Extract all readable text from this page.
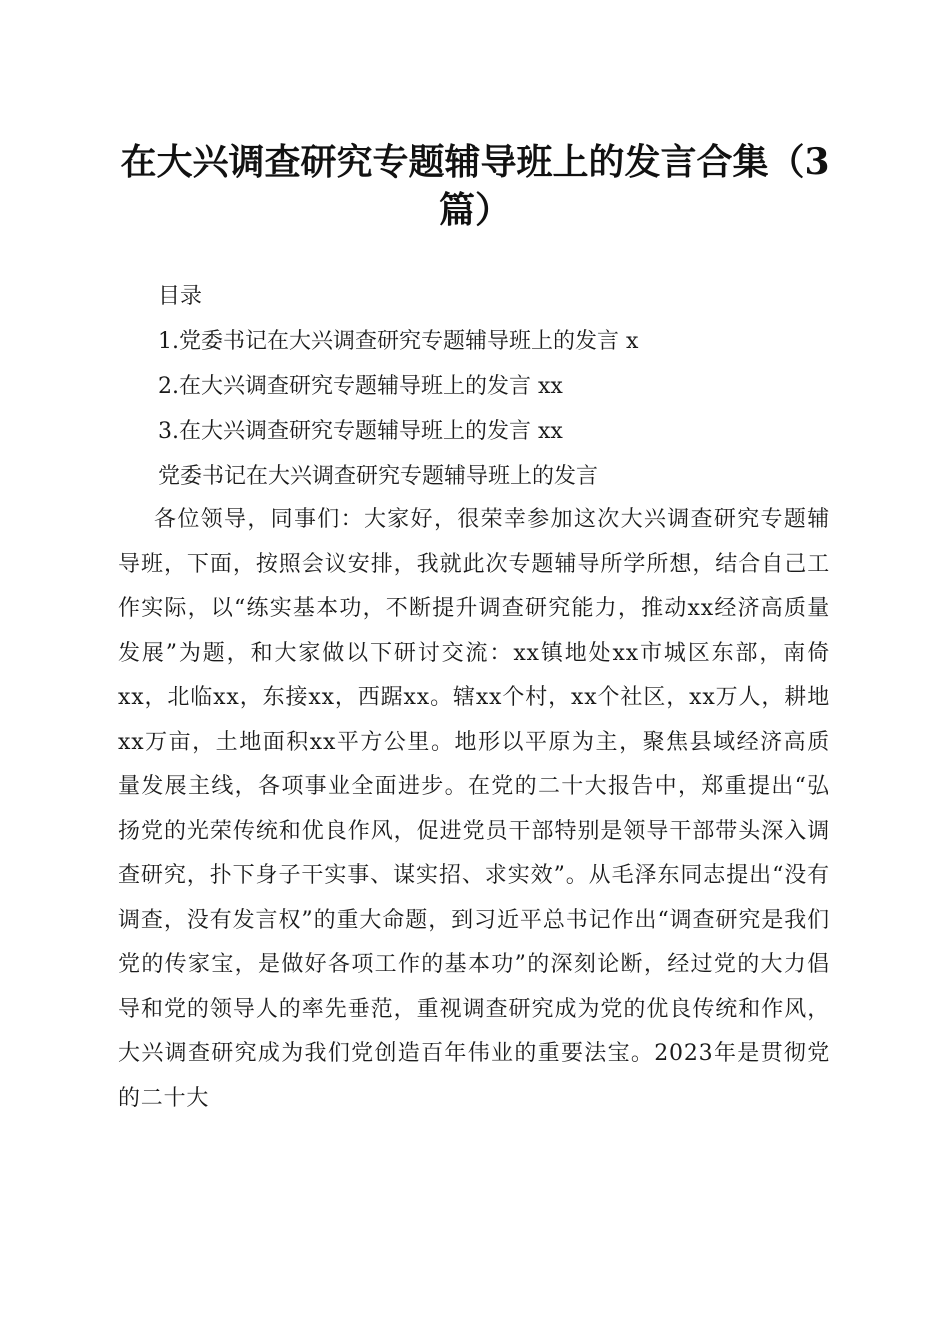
在大兴调查研究专题辅导班上的发言合集（3篇）
目录
1.党委书记在大兴调查研究专题辅导班上的发言 x
2.在大兴调查研究专题辅导班上的发言 xx
3.在大兴调查研究专题辅导班上的发言 xx
党委书记在大兴调查研究专题辅导班上的发言

各位领导，同事们：大家好，很荣幸参加这次大兴调查研究专题辅导班，下面，按照会议安排，我就此次专题辅导所学所想，结合自己工作实际，以“练实基本功，不断提升调查研究能力，推动xx经济高质量发展”为题，和大家做以下研讨交流：xx镇地处xx市城区东部，南倚xx，北临xx，东接xx，西踞xx。辖xx个村，xx个社区，xx万人，耕地xx万亩，土地面积xx平方公里。地形以平原为主，聚焦县域经济高质量发展主线，各项事业全面进步。在党的二十大报告中，郑重提出“弘扬党的光荣传统和优良作风，促进党员干部特别是领导干部带头深入调查研究，扑下身子干实事、谋实招、求实效”。从毛泽东同志提出“没有调查，没有发言权”的重大命题，到习近平总书记作出“调查研究是我们党的传家宝，是做好各项工作的基本功”的深刻论断，经过党的大力倡导和党的领导人的率先垂范，重视调查研究成为党的优良传统和作风，大兴调查研究成为我们党创造百年伟业的重要法宝。2023年是贯彻党的二十大
